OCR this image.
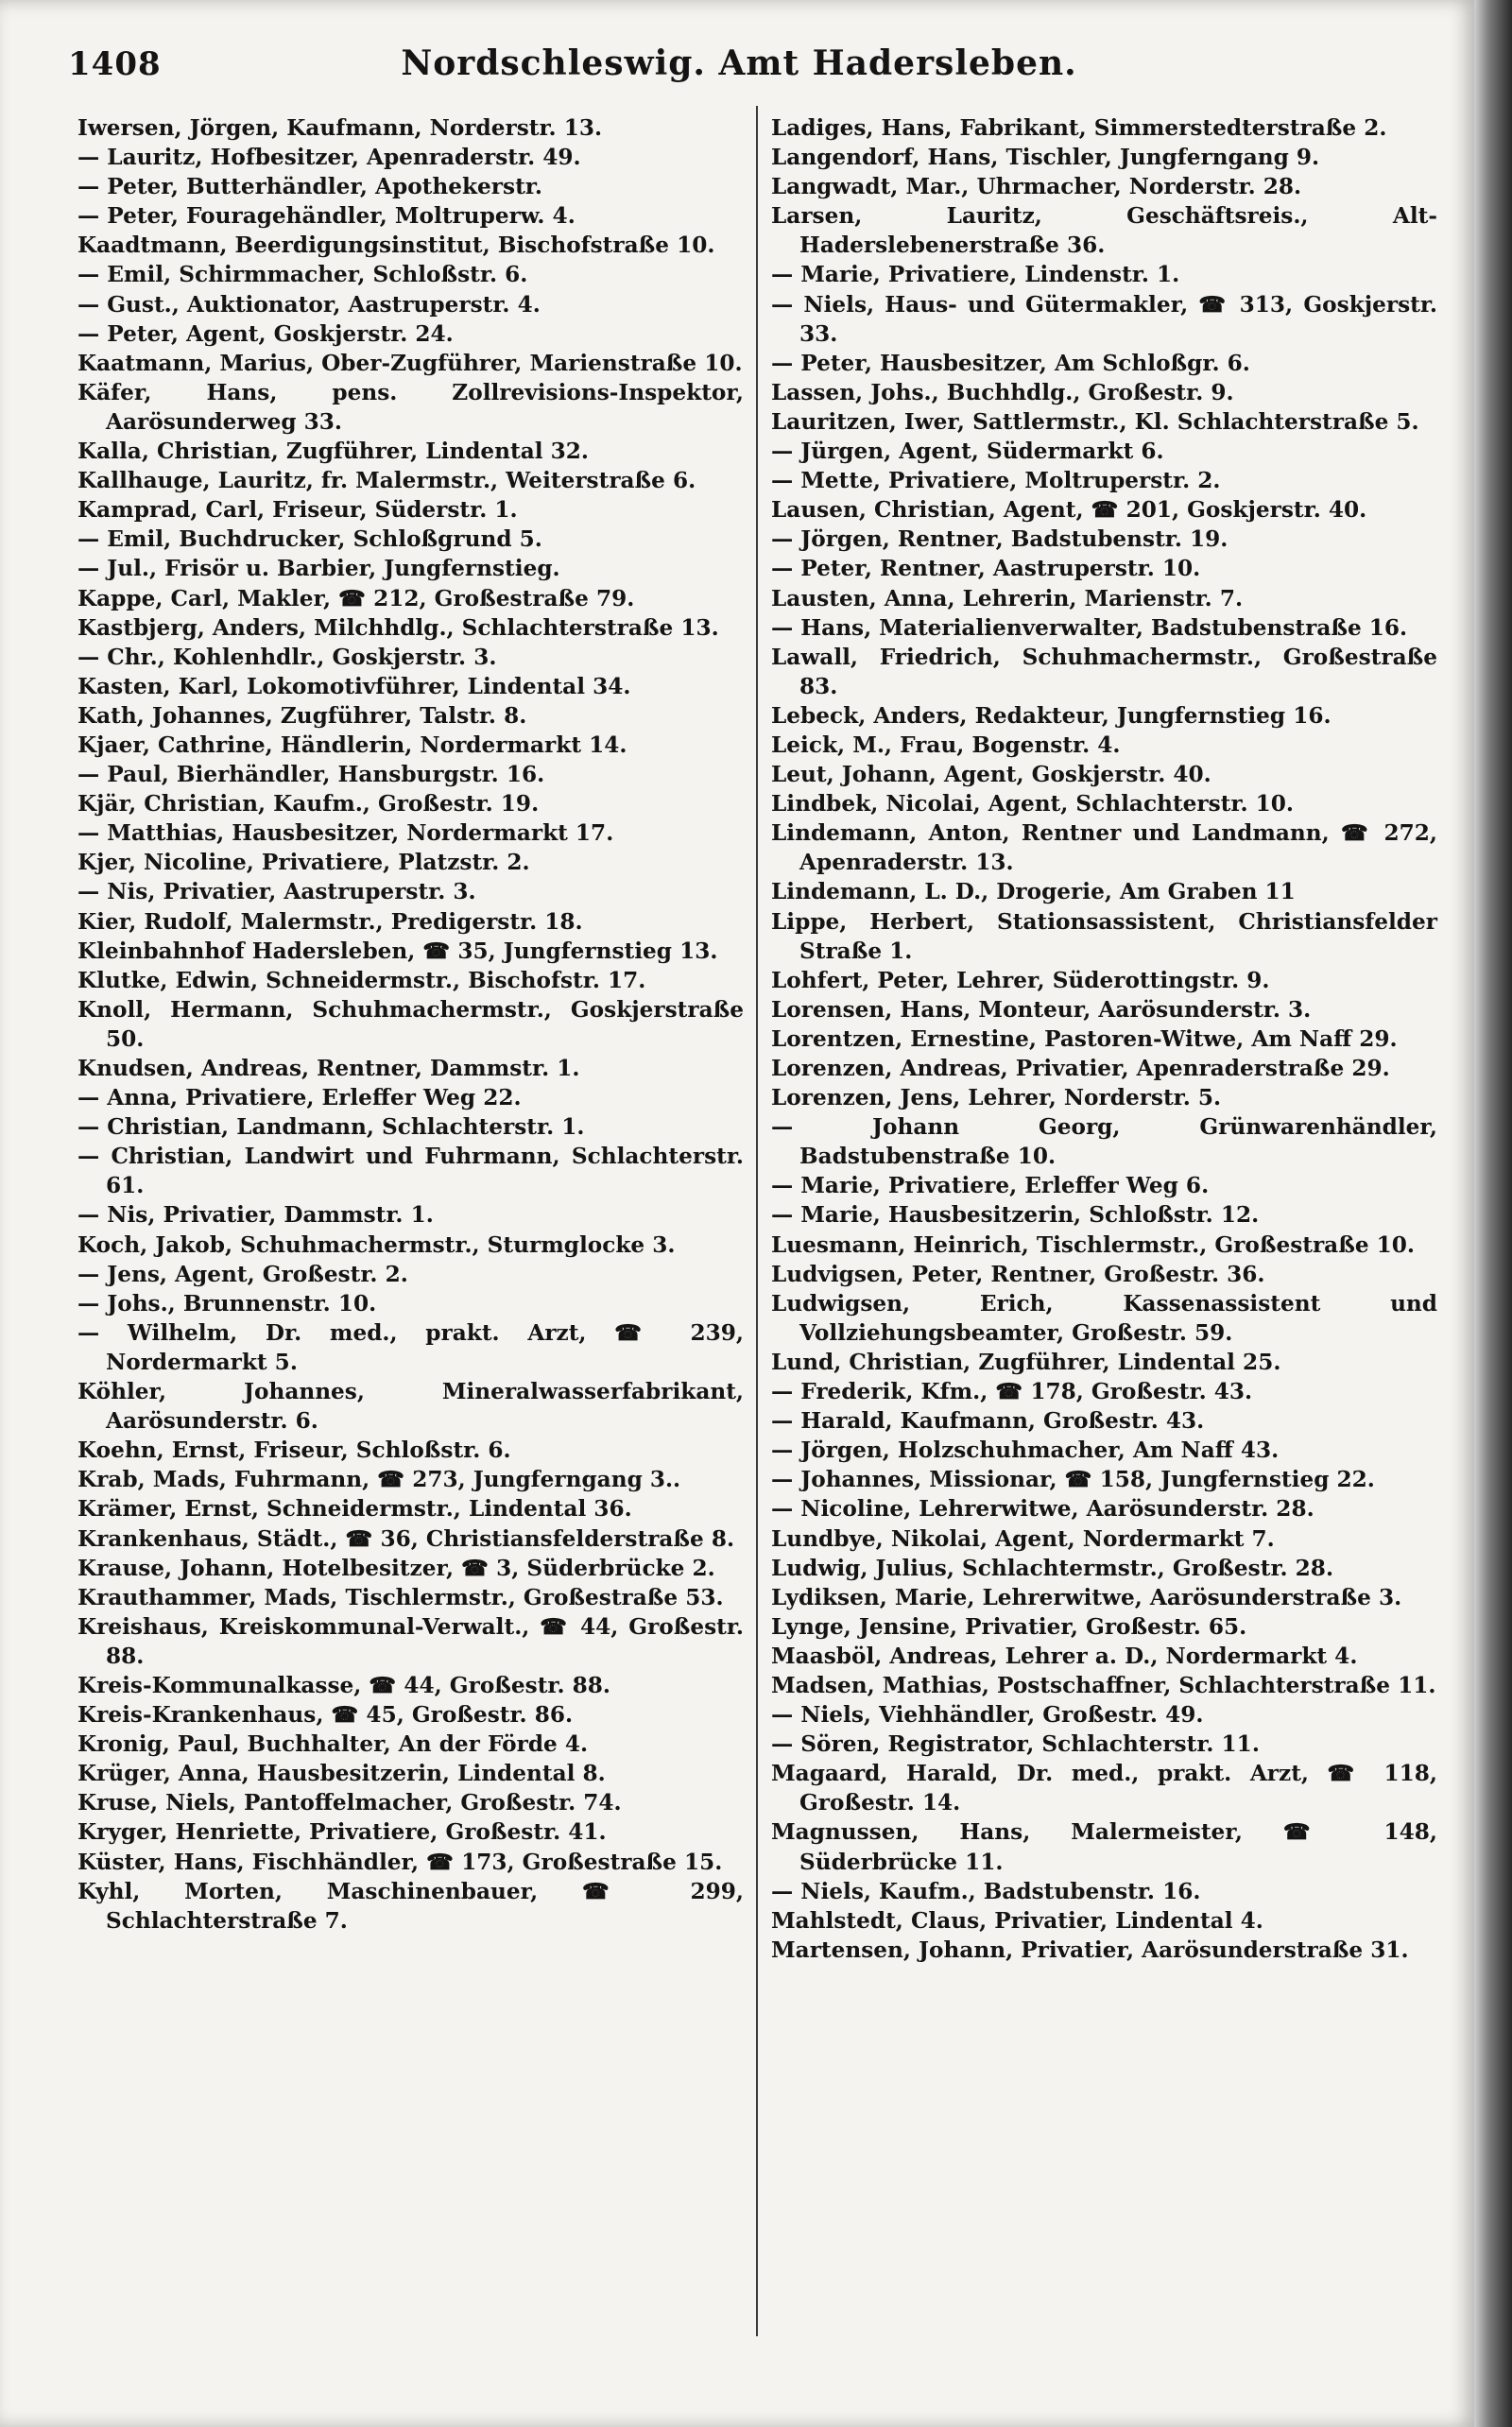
1408	Nordschleswig. Amt Hadersleben.

Iwersen, Jörgen, Kaufmann, Norderstr. 13.

— Lauritz, Hofbesitzer, Apenraderstr. 49.

— Peter, Butterhändler, Apothekerstr.

— Peter, Fouragehändler, Moltruperw. 4.

Kaadtmann, Beerdigungsinstitut, Bischofstraße 10.

— Emil, Schirmmacher, Schloßstr. 6.

— Gust., Auktionator, Aastruperstr. 4.

— Peter, Agent, Goskjerstr. 24.

Kaatmann, Marius, Ober-Zugführer, Marienstraße 10.

Käfer, Hans, pens. Zollrevisions-Inspektor, Aarösunderweg 33.

Kalla, Christian, Zugführer, Lindental 32.

Kallhauge, Lauritz, fr. Malermstr., Weiterstraße 6.

Kamprad, Carl, Friseur, Süderstr. 1.

— Emil, Buchdrucker, Schloßgrund 5.

— Jul., Frisör u. Barbier, Jungfernstieg.

Kappe, Carl, Makler, ☎ 212, Großestraße 79.

Kastbjerg, Anders, Milchhdlg., Schlachterstraße 13.

— Chr., Kohlenhdlr., Goskjerstr. 3.

Kasten, Karl, Lokomotivführer, Lindental 34.

Kath, Johannes, Zugführer, Talstr. 8.

Kjaer, Cathrine, Händlerin, Nordermarkt 14.

— Paul, Bierhändler, Hansburgstr. 16.

Kjär, Christian, Kaufm., Großestr. 19.

— Matthias, Hausbesitzer, Nordermarkt 17.

Kjer, Nicoline, Privatiere, Platzstr. 2.

— Nis, Privatier, Aastruperstr. 3.

Kier, Rudolf, Malermstr., Predigerstr. 18.

Kleinbahnhof Hadersleben, ☎ 35, Jungfernstieg 13.

Klutke, Edwin, Schneidermstr., Bischofstr. 17.

Knoll, Hermann, Schuhmachermstr., Goskjerstraße 50.

Knudsen, Andreas, Rentner, Dammstr. 1.

— Anna, Privatiere, Erleffer Weg 22.

— Christian, Landmann, Schlachterstr. 1.

— Christian, Landwirt und Fuhrmann, Schlachterstr. 61.

— Nis, Privatier, Dammstr. 1.

Koch, Jakob, Schuhmachermstr., Sturmglocke 3.

— Jens, Agent, Großestr. 2.

— Johs., Brunnenstr. 10.

— Wilhelm, Dr. med., prakt. Arzt, ☎ 239, Nordermarkt 5.

Köhler, Johannes, Mineralwasserfabrikant, Aarösunderstr. 6.

Koehn, Ernst, Friseur, Schloßstr. 6.

Krab, Mads, Fuhrmann, ☎ 273, Jungferngang 3..

Krämer, Ernst, Schneidermstr., Lindental 36.

Krankenhaus, Städt., ☎ 36, Christiansfelderstraße 8.

Krause, Johann, Hotelbesitzer, ☎ 3, Süderbrücke 2.

Krauthammer, Mads, Tischlermstr., Großestraße 53.

Kreishaus, Kreiskommunal-Verwalt., ☎ 44, Großestr. 88.

Kreis-Kommunalkasse, ☎ 44, Großestr. 88.

Kreis-Krankenhaus, ☎ 45, Großestr. 86.

Kronig, Paul, Buchhalter, An der Förde 4.

Krüger, Anna, Hausbesitzerin, Lindental 8.

Kruse, Niels, Pantoffelmacher, Großestr. 74.

Kryger, Henriette, Privatiere, Großestr. 41.

Küster, Hans, Fischhändler, ☎ 173, Großestraße 15.

Kyhl, Morten, Maschinenbauer, ☎ 299, Schlachterstraße 7.

Ladiges, Hans, Fabrikant, Simmerstedterstraße 2.

Langendorf, Hans, Tischler, Jungferngang 9.

Langwadt, Mar., Uhrmacher, Norderstr. 28.

Larsen, Lauritz, Geschäftsreis., Alt-Haderslebenerstraße 36.

— Marie, Privatiere, Lindenstr. 1.

— Niels, Haus- und Gütermakler, ☎ 313, Goskjerstr. 33.

— Peter, Hausbesitzer, Am Schloßgr. 6.

Lassen, Johs., Buchhdlg., Großestr. 9.

Lauritzen, Iwer, Sattlermstr., Kl. Schlachterstraße 5.

— Jürgen, Agent, Südermarkt 6.

— Mette, Privatiere, Moltruperstr. 2.

Lausen, Christian, Agent, ☎ 201, Goskjerstr. 40.

— Jörgen, Rentner, Badstubenstr. 19.

— Peter, Rentner, Aastruperstr. 10.

Lausten, Anna, Lehrerin, Marienstr. 7.

— Hans, Materialienverwalter, Badstubenstraße 16.

Lawall, Friedrich, Schuhmachermstr., Großestraße 83.

Lebeck, Anders, Redakteur, Jungfernstieg 16.

Leick, M., Frau, Bogenstr. 4.

Leut, Johann, Agent, Goskjerstr. 40.

Lindbek, Nicolai, Agent, Schlachterstr. 10.

Lindemann, Anton, Rentner und Landmann, ☎ 272, Apenraderstr. 13.

Lindemann, L. D., Drogerie, Am Graben 11

Lippe, Herbert, Stationsassistent, Christiansfelder Straße 1.

Lohfert, Peter, Lehrer, Süderottingstr. 9.

Lorensen, Hans, Monteur, Aarösunderstr. 3.

Lorentzen, Ernestine, Pastoren-Witwe, Am Naff 29.

Lorenzen, Andreas, Privatier, Apenraderstraße 29.

Lorenzen, Jens, Lehrer, Norderstr. 5.

— Johann Georg, Grünwarenhändler, Badstubenstraße 10.

— Marie, Privatiere, Erleffer Weg 6.

— Marie, Hausbesitzerin, Schloßstr. 12.

Luesmann, Heinrich, Tischlermstr., Großestraße 10.

Ludvigsen, Peter, Rentner, Großestr. 36.

Ludwigsen, Erich, Kassenassistent und Vollziehungsbeamter, Großestr. 59.

Lund, Christian, Zugführer, Lindental 25.

— Frederik, Kfm., ☎ 178, Großestr. 43.

— Harald, Kaufmann, Großestr. 43.

— Jörgen, Holzschuhmacher, Am Naff 43.

— Johannes, Missionar, ☎ 158, Jungfernstieg 22.

— Nicoline, Lehrerwitwe, Aarösunderstr. 28.

Lundbye, Nikolai, Agent, Nordermarkt 7.

Ludwig, Julius, Schlachtermstr., Großestr. 28.

Lydiksen, Marie, Lehrerwitwe, Aarösunderstraße 3.

Lynge, Jensine, Privatier, Großestr. 65.

Maasböl, Andreas, Lehrer a. D., Nordermarkt 4.

Madsen, Mathias, Postschaffner, Schlachterstraße 11.

— Niels, Viehhändler, Großestr. 49.

— Sören, Registrator, Schlachterstr. 11.

Magaard, Harald, Dr. med., prakt. Arzt, ☎ 118, Großestr. 14.

Magnussen, Hans, Malermeister, ☎ 148, Süderbrücke 11.

— Niels, Kaufm., Badstubenstr. 16.

Mahlstedt, Claus, Privatier, Lindental 4.

Martensen, Johann, Privatier, Aarösunderstraße 31.
